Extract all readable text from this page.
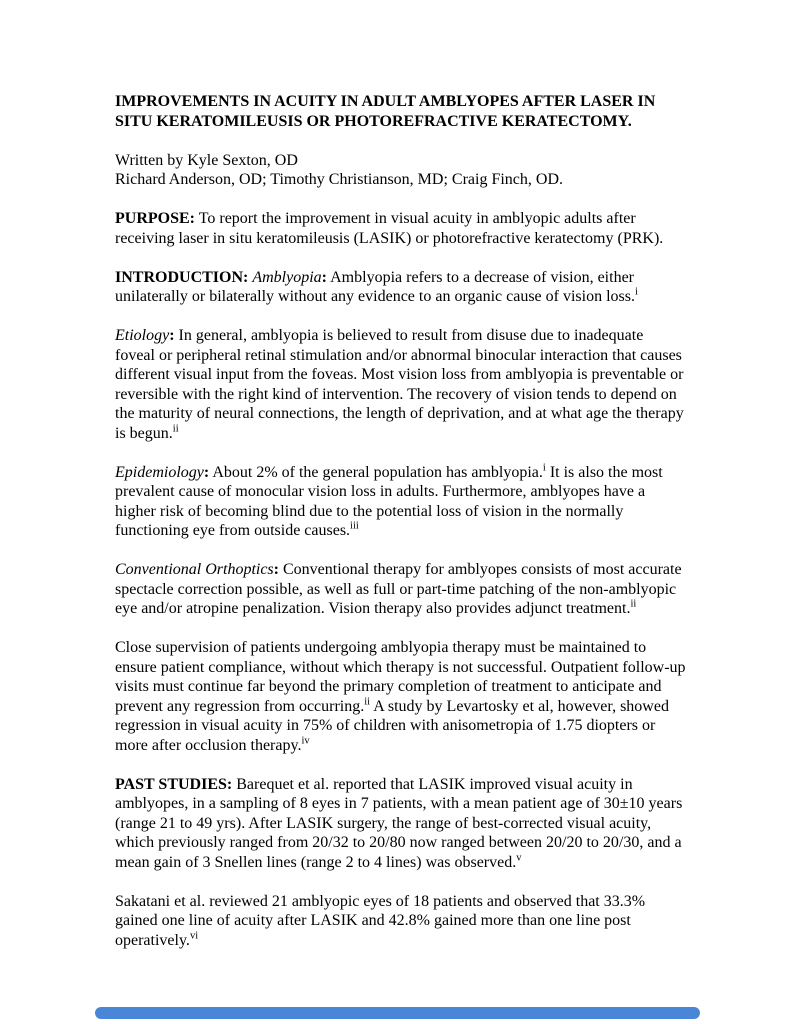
IMPROVEMENTS IN ACUITY IN ADULT AMBLYOPES AFTER LASER IN SITU KERATOMILEUSIS OR PHOTOREFRACTIVE KERATECTOMY.

Written by Kyle Sexton, OD
Richard Anderson, OD; Timothy Christianson, MD; Craig Finch, OD.

PURPOSE: To report the improvement in visual acuity in amblyopic adults after receiving laser in situ keratomileusis (LASIK) or photorefractive keratectomy (PRK).

INTRODUCTION: Amblyopia: Amblyopia refers to a decrease of vision, either unilaterally or bilaterally without any evidence to an organic cause of vision loss.$^i$

Etiology: In general, amblyopia is believed to result from disuse due to inadequate foveal or peripheral retinal stimulation and/or abnormal binocular interaction that causes different visual input from the foveas. Most vision loss from amblyopia is preventable or reversible with the right kind of intervention. The recovery of vision tends to depend on the maturity of neural connections, the length of deprivation, and at what age the therapy is begun.$^{ii}$

Epidemiology: About 2% of the general population has amblyopia.$^i$ It is also the most prevalent cause of monocular vision loss in adults. Furthermore, amblyopes have a higher risk of becoming blind due to the potential loss of vision in the normally functioning eye from outside causes.$^{iii}$

Conventional Orthoptics: Conventional therapy for amblyopes consists of most accurate spectacle correction possible, as well as full or part-time patching of the non-amblyopic eye and/or atropine penalization. Vision therapy also provides adjunct treatment.$^{ii}$

Close supervision of patients undergoing amblyopia therapy must be maintained to ensure patient compliance, without which therapy is not successful. Outpatient follow-up visits must continue far beyond the primary completion of treatment to anticipate and prevent any regression from occurring.$^{ii}$ A study by Levartosky et al, however, showed regression in visual acuity in 75% of children with anisometropia of 1.75 diopters or more after occlusion therapy.$^{iv}$

PAST STUDIES: Barequet et al. reported that LASIK improved visual acuity in amblyopes, in a sampling of 8 eyes in 7 patients, with a mean patient age of 30±10 years (range 21 to 49 yrs). After LASIK surgery, the range of best-corrected visual acuity, which previously ranged from 20/32 to 20/80 now ranged between 20/20 to 20/30, and a mean gain of 3 Snellen lines (range 2 to 4 lines) was observed.$^v$

Sakatani et al. reviewed 21 amblyopic eyes of 18 patients and observed that 33.3% gained one line of acuity after LASIK and 42.8% gained more than one line post operatively.$^{vi}$
